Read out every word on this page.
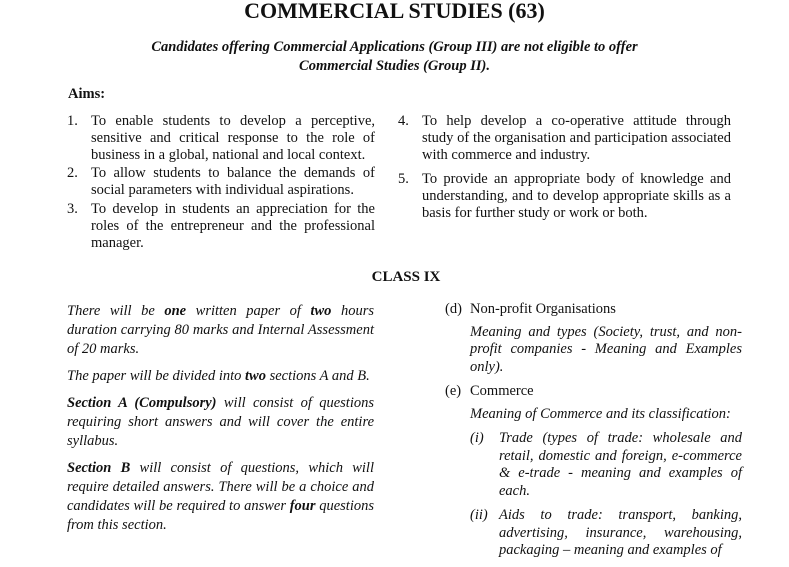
COMMERCIAL STUDIES (63)
Candidates offering Commercial Applications (Group III) are not eligible to offer
Commercial Studies (Group II).
Aims:
1. To enable students to develop a perceptive, sensitive and critical response to the role of business in a global, national and local context.
2. To allow students to balance the demands of social parameters with individual aspirations.
3. To develop in students an appreciation for the roles of the entrepreneur and the professional manager.
4. To help develop a co-operative attitude through study of the organisation and participation associated with commerce and industry.
5. To provide an appropriate body of knowledge and understanding, and to develop appropriate skills as a basis for further study or work or both.
CLASS IX

There will be one written paper of two hours duration carrying 80 marks and Internal Assessment of 20 marks.

The paper will be divided into two sections A and B.

Section A (Compulsory) will consist of questions requiring short answers and will cover the entire syllabus.

Section B will consist of questions, which will require detailed answers. There will be a choice and candidates will be required to answer four questions from this section.

(d) Non-profit Organisations
Meaning and types (Society, trust, and non-profit companies - Meaning and Examples only).
(e) Commerce
Meaning of Commerce and its classification:
(i)	Trade (types of trade: wholesale and retail, domestic and foreign, e-commerce & e-trade - meaning and examples of each.
(ii) Aids to trade: transport, banking, advertising, insurance, warehousing, packaging – meaning and examples of
